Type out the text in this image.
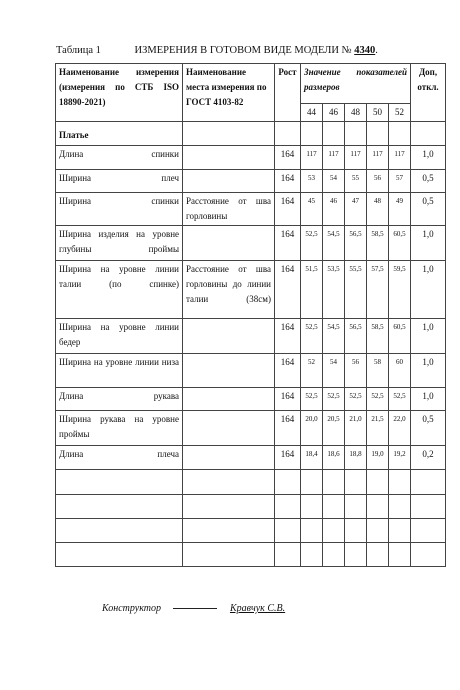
Таблица 1	ИЗМЕРЕНИЯ В ГОТОВОМ ВИДЕ МОДЕЛИ № 4340.
Наименование измерения (измерения по СТБ ISO 18890-2021)	Наименование места измерения по ГОСТ 4103-82	Рост	Значение показателей размеров					Доп, откл.
			44	46	48	50	52	
Платье								
Длина спинки		164	117	117	117	117	117	1,0
Ширина плеч		164	53	54	55	56	57	0,5
Ширина спинки	Расстояние от шва горловины	164	45	46	47	48	49	0,5
Ширина изделия на уровне глубины проймы		164	52,5	54,5	56,5	58,5	60,5	1,0
Ширина на уровне линии талии (по спинке)	Расстояние от шва горловины до линии талии (38см)	164	51,5	53,5	55,5	57,5	59,5	1,0
Ширина на уровне линии бедер		164	52,5	54,5	56,5	58,5	60,5	1,0
Ширина на уровне линии низа		164	52	54	56	58	60	1,0
Длина рукава		164	52,5	52,5	52,5	52,5	52,5	1,0
Ширина рукава на уровне проймы		164	20,0	20,5	21,0	21,5	22,0	0,5
Длина плеча		164	18,4	18,6	18,8	19,0	19,2	0,2

Конструктор	Кравчук С.В.
